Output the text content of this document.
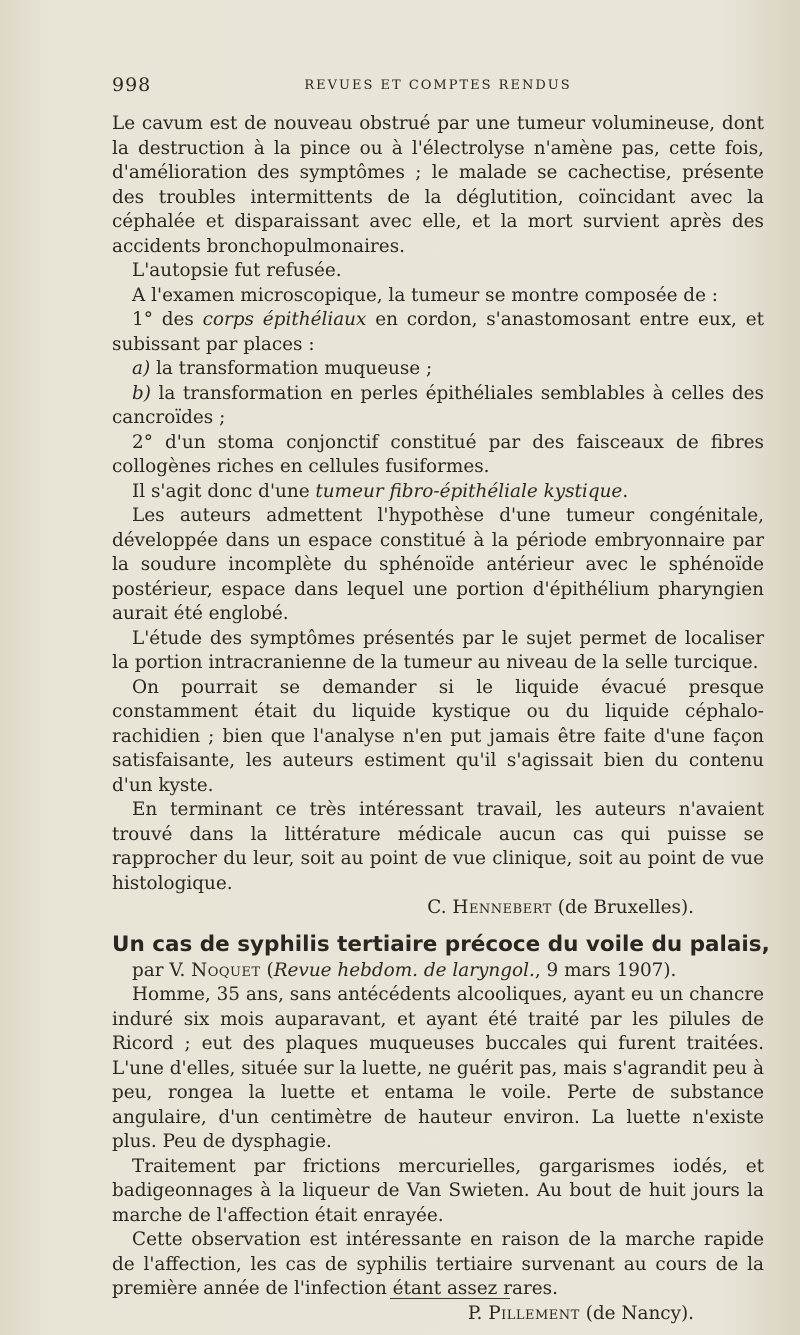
998	REVUES ET COMPTES RENDUS

Le cavum est de nouveau obstrué par une tumeur volumineuse, dont la destruction à la pince ou à l'électrolyse n'amène pas, cette fois, d'amélioration des symptômes ; le malade se cachectise, présente des troubles intermittents de la déglutition, coïncidant avec la céphalée et disparaissant avec elle, et la mort survient après des accidents bronchopulmonaires.

L'autopsie fut refusée.

A l'examen microscopique, la tumeur se montre composée de :

1° des corps épithéliaux en cordon, s'anastomosant entre eux, et subissant par places :

a) la transformation muqueuse ;

b) la transformation en perles épithéliales semblables à celles des cancroïdes ;

2° d'un stoma conjonctif constitué par des faisceaux de fibres collogènes riches en cellules fusiformes.

Il s'agit donc d'une tumeur fibro-épithéliale kystique.

Les auteurs admettent l'hypothèse d'une tumeur congénitale, développée dans un espace constitué à la période embryonnaire par la soudure incomplète du sphénoïde antérieur avec le sphénoïde postérieur, espace dans lequel une portion d'épithélium pharyngien aurait été englobé.

L'étude des symptômes présentés par le sujet permet de localiser la portion intracranienne de la tumeur au niveau de la selle turcique.

On pourrait se demander si le liquide évacué presque constamment était du liquide kystique ou du liquide céphalo-rachidien ; bien que l'analyse n'en put jamais être faite d'une façon satisfaisante, les auteurs estiment qu'il s'agissait bien du contenu d'un kyste.

En terminant ce très intéressant travail, les auteurs n'avaient trouvé dans la littérature médicale aucun cas qui puisse se rapprocher du leur, soit au point de vue clinique, soit au point de vue histologique.

C. Hennebert (de Bruxelles).

Un cas de syphilis tertiaire précoce du voile du palais,

par V. Noquet (Revue hebdom. de laryngol., 9 mars 1907).

Homme, 35 ans, sans antécédents alcooliques, ayant eu un chancre induré six mois auparavant, et ayant été traité par les pilules de Ricord ; eut des plaques muqueuses buccales qui furent traitées. L'une d'elles, située sur la luette, ne guérit pas, mais s'agrandit peu à peu, rongea la luette et entama le voile. Perte de substance angulaire, d'un centimètre de hauteur environ. La luette n'existe plus. Peu de dysphagie.

Traitement par frictions mercurielles, gargarismes iodés, et badigeonnages à la liqueur de Van Swieten. Au bout de huit jours la marche de l'affection était enrayée.

Cette observation est intéressante en raison de la marche rapide de l'affection, les cas de syphilis tertiaire survenant au cours de la première année de l'infection étant assez rares.

P. Pillement (de Nancy).
